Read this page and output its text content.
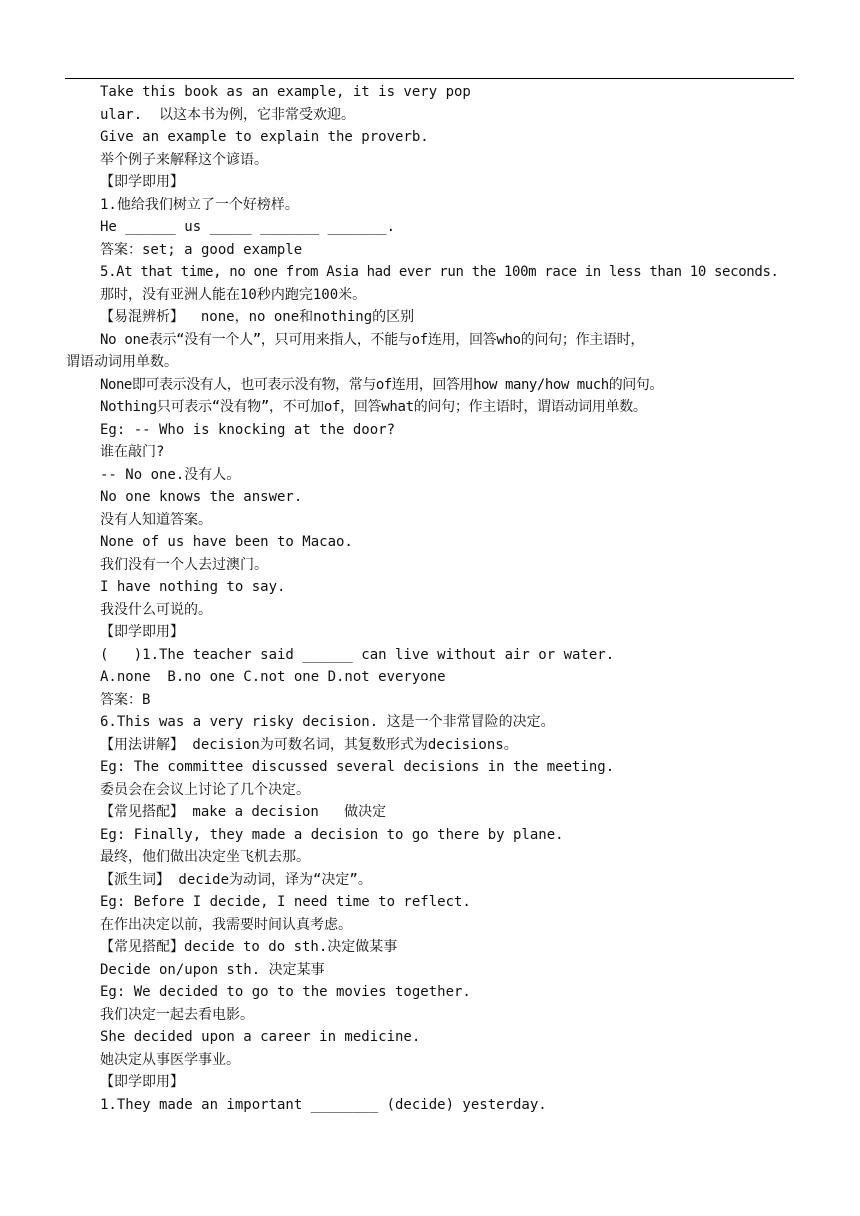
Take this book as an example, it is very pop
ular.  以这本书为例，它非常受欢迎。
Give an example to explain the proverb.
举个例子来解释这个谚语。
【即学即用】
1.他给我们树立了一个好榜样。
He ______ us _____ _______ _______.
答案：set; a good example
5.At that time, no one from Asia had ever run the 100m race in less than 10 seconds.
那时，没有亚洲人能在10秒内跑完100米。
【易混辨析】  none，no one和nothing的区别
No one表示“没有一个人”，只可用来指人，不能与of连用，回答who的问句；作主语时，
谓语动词用单数。
None即可表示没有人，也可表示没有物，常与of连用，回答用how many/how much的问句。
Nothing只可表示“没有物”，不可加of，回答what的问句；作主语时，谓语动词用单数。
Eg: -- Who is knocking at the door?
谁在敲门?
-- No one.没有人。
No one knows the answer.
没有人知道答案。
None of us have been to Macao.
我们没有一个人去过澳门。
I have nothing to say.
我没什么可说的。
【即学即用】
(   )1.The teacher said ______ can live without air or water.
A.none  B.no one C.not one D.not everyone
答案：B
6.This was a very risky decision. 这是一个非常冒险的决定。
【用法讲解】 decision为可数名词，其复数形式为decisions。
Eg: The committee discussed several decisions in the meeting.
委员会在会议上讨论了几个决定。
【常见搭配】 make a decision   做决定
Eg: Finally, they made a decision to go there by plane.
最终，他们做出决定坐飞机去那。
【派生词】 decide为动词，译为“决定”。
Eg: Before I decide, I need time to reflect.
在作出决定以前，我需要时间认真考虑。
【常见搭配】decide to do sth.决定做某事
Decide on/upon sth. 决定某事
Eg: We decided to go to the movies together.
我们决定一起去看电影。
She decided upon a career in medicine.
她决定从事医学事业。
【即学即用】
1.They made an important ________ (decide) yesterday.
